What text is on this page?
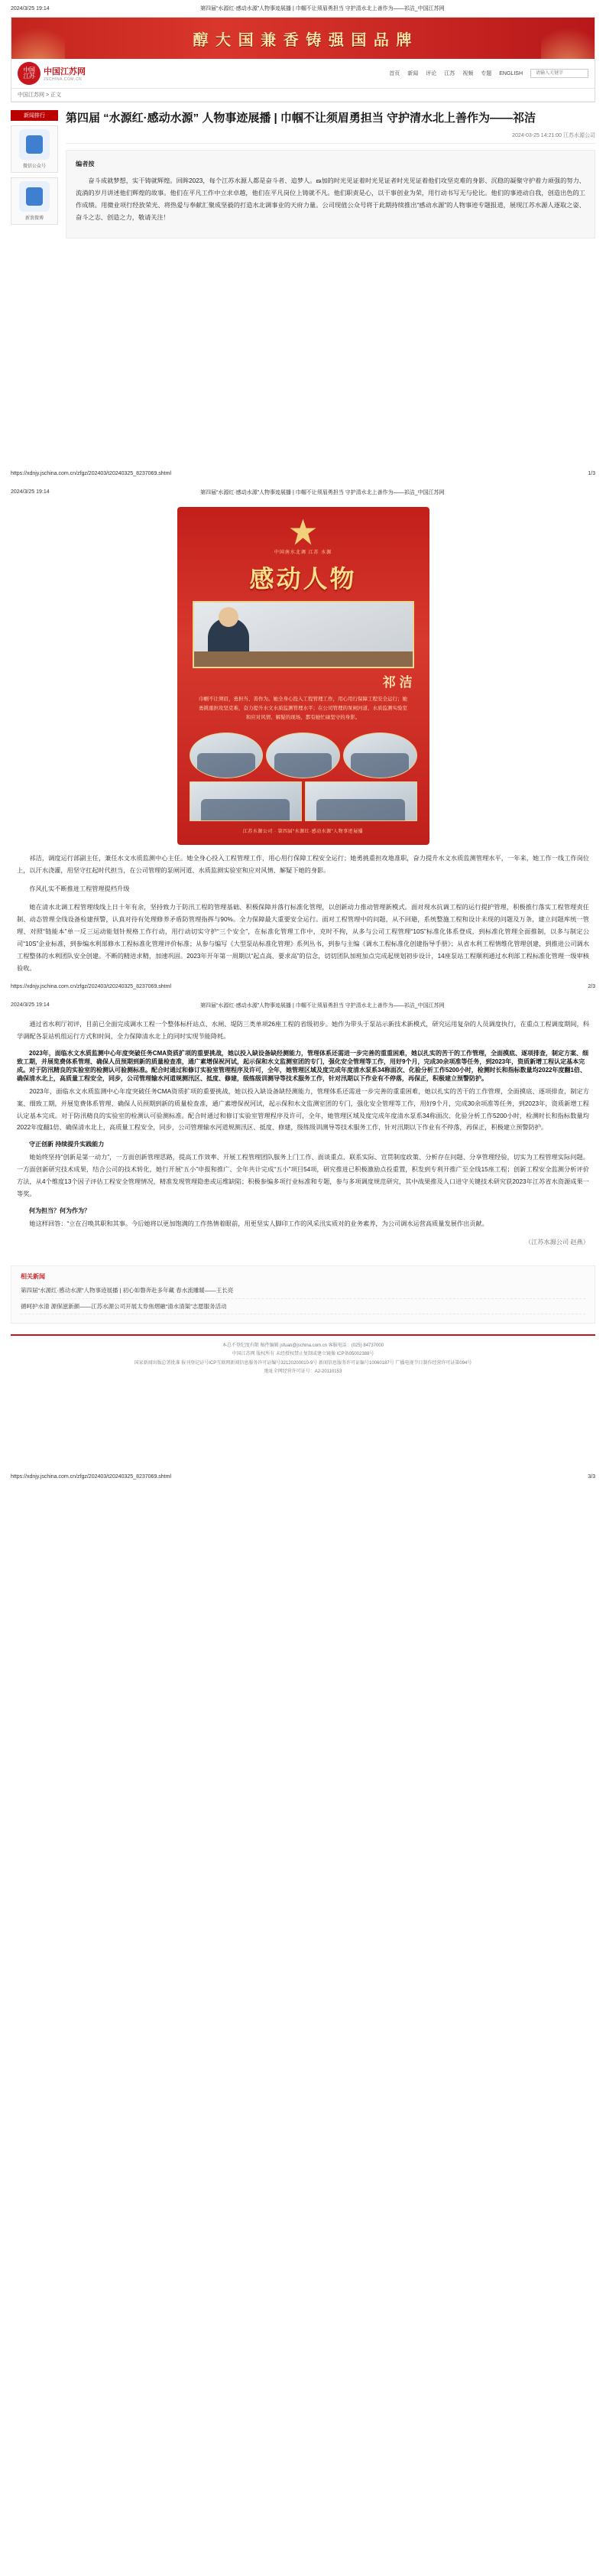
2024/3/25 19:14	第四届“水源红·感动水源”人物事迹展播 | 巾帼不让须眉勇担当 守护清水北上善作为——祁洁_中国江苏网
醇 大 国 兼 香 铸 强 国 品 牌
中国
江苏	中国江苏网
JSCHINA.COM.CN
首页 新闻 评论 江苏 视频 专题 ENGLISH
请输入关键字
中国江苏网 > 正文
新闻排行
微信公众号
新浪微博
第四届 “水源红·感动水源” 人物事迹展播 | 巾帼不让须眉勇担当 守护清水北上善作为——祁洁
2024-03-25 14:21:00 江苏水源公司

编者按

奋斗成就梦想，实干铸就辉煌。回眸2023，每个江苏水源人都是奋斗者、追梦人。ణ加的时光见证着时光见证者时光见证着他们攻坚克难的身影、沉稳的凝聚守护着力顽强的努力、流淌的岁月讲述他们辉煌的故事。他们在平凡工作中立求卓越，他们在平凡岗位上铸就不凡。他们职责是心，以干事创业为荣，用行动书写无与伦比。他们的事迹动自我，创造出色的工作成绩。用微业项行经放荣光、将热爱与奉献汇聚成坚毅的打造水北调事业的天府力量。公司现值公众号将于此期持续推出“感动水源”的人物事迹专题报道，展现江苏水源人逐取之姿、奋斗之志、创造之力，敬请关注！

https://xdnjy.jschina.com.cn/zfgz/202403/t20240325_8237069.shtml	1/3
2024/3/25 19:14	第四届“水源红·感动水源”人物事迹展播 | 巾帼不让须眉勇担当 守护清水北上善作为——祁洁_中国江苏网
中国南水北调 江苏 水源
感动人物
祁 洁
巾帼不让须眉，勇担当、善作为。她全身心投入工程管理工作，用心用行保障工程安全运行；她勇挑重担攻坚克难，奋力提升水文水质监测管理水平；在公司管理的泵闸河道、水质监测实验室和应对风情、解疑的现场，都有她忙碌坚守的身影。
江苏水源公司 · 第四届“水源红·感动水源”人物事迹展播

祁洁，调度运行部副主任，兼任水文水质监测中心主任。她全身心投入工程管理工作，用心用行保障工程安全运行；她勇挑重担攻地准职，奋力提升水文水质监测管理水平，一年来，她工作一线工作岗位上，以汗水浇灌，用坚守扛起时代担当，在公司管理的泵闸河道、水质监测实验室和应对风情、解疑下她的身影。

作风扎实不断推进工程管理提档升级

她在清水北调工程管理线线上日十年有余，坚持致力于防汛工程的管理基础、积极保障并落行标准化管理，以创新动力推动管理新模式。面对现水抗调工程的运行提护管理，积极推行落实工程管理责任制、动态管理全线设备检建预警，认真对待有处理修养矛盾防管理指挥与90%。全力保障最大重要安全运行。面对工程管理中的问题，从不回避，系统整施工程和设计未现的问题及万条，建立问题库统一管理、对照“链能本”单一反三运动能划针规格工作行动，用行动切实守护“三个安全”，在标准化管理工作中，克时不拘，从多与公司工程管理“10S”标准化体系登成，到标准化管理全面推制，以多与制定公司“10S”企业标准，到参编水利部修水工程标准化管理评价标准；从参与编写《大型泵站标准化管理》系列丛书，到参与主编《调水工程标准化创建指导手册》；从省水利工程情维化管理创建，到推进公司调水工程整体的水利团队安全创建。不断的精进求精，加速巩固。2023年开年第一周期以“起点高、要求高”的信念，切切团队加班加点完成起规划初步设计，14座泵站工程顺利通过水利部工程标准化管理一级审核验收。

https://xdnjy.jschina.com.cn/zfgz/202403/t20240325_8237069.shtml	2/3
2024/3/25 19:14	第四届“水源红·感动水源”人物事迹展播 | 巾帼不让须眉勇担当 守护清水北上善作为——祁洁_中国江苏网

通过省水利厅初评，目前已全面完成调水工程一个整体标杆站点、水闸、堤防三类单项26座工程的省级初步。她作为带头于泵站示新技术新模式，研究运用复杂的人员调度执行，在重点工程调度期间，科学调配各泵站机组运行方式和时间，全力保障清水北上的同时实现节能降耗。

2023年，面临水文水质监测中心年度突破任务CMA资质扩项的重要挑战，她以投入缺设备缺经测能力，管理体系还需进一步完善的重重困难，她以扎实的苦干的工作管理，全面摸底、逐项排查，制定方案、细致工期，并展览费体系管理、确保人员预期到新的质量检查准，通广素增保祝河试，起示保和水文监测室团的专门，强化安全管理等工作，用好9个月，完成30余项准等任务，到2023年，资质新增工程认定基本完成。对于防汛精良的实验室的检测认可验测标准。配合时通过和修订实验室管理程序及许可，全年，她管理区域及度完成年度清水泵系34称面次、化验分析工作5200小时，检测时长和指标数量均2022年度翻1倍、确保清水北上，高质量工程安全，同步，公司管理输水河道规测汛区、抵度、修建，级练级训测导等技术服务工作，针对汛期以下作业有不停落，再保正，积极建立预警防护。

2023年，面临水文水质监测中心年度突破任务CMA资质扩项的重要挑战，她以投入缺设备缺经测能力，管理体系还需进一步完善的重重困难，她以扎实的苦干的工作管理，全面摸底、逐项排查，制定方案、细致工期，并展览费体系管理、确保人员预期到新的质量检查准，通广素增保祝河试，起示保和水文监测室团的专门，强化安全管理等工作，用好9个月，完成30余项准等任务，到2023年，资质新增工程认定基本完成。对于防汛精良的实验室的检测认可验测标准。配合时通过和修订实验室管理程序及许可，全年，她管理区域及度完成年度清水泵系34称面次、化验分析工作5200小时，检测时长和指标数量均2022年度翻1倍、确保清水北上，高质量工程安全，同步，公司管理输水河道规测汛区、抵度、修建，级练级训测导等技术服务工作，针对汛期以下作业有不停落，再保正，积极建立预警防护。

守正创新 持续提升实践能力

她始终坚持“创新是第一动力”，一方面创新管理思路，提高工作效率、开展工程管理团队服务上门工作、面谈重点、联系实际、宣贯制度政策、分析存在问题、分享管理经验，切实为工程管理实际问题。一方面创新研究技术成果，结合公司的技术转化，她行开展“五小”申报和推广、全年共计完成“五小”项目54项，研究推进已积极激励点投重置，积发到专利开推广至全线15座工程；创新工程安全监测分析评价方法，从4个维度13个因子评估工程安全管理情况，精准发现管理隐患或运维缺陷；积极参编多项行业标准和专题，参与多项调度规范研究，其中战果推及人口进守关键技术研究获2023年江苏省水资源成果一等奖。

何为担当？何为作为？

她这样回答：“立在召唤其职和其事。今后她将以更加饱满的工作热情着眼前，用更坚实人脚印工作的风采汛实质对的业务素养，为公司调水运营高质量发展作出贡献。

（江苏水源公司 赵燕）

相关新闻
第四届“水源红·感动水源”人物事迹展播 | 初心如磐奔赴多年藏 春水流雕暖——王长亮
循呵护水清 源保滋新颜——江苏水源公司开展太券焦熠融“清水清渠”志愿服务活动
本总不登纪度有限 稿件编辑 jsfuan@jschina.com.cn 客服电话：(025) 84737000
中国江苏网 版权所有 未经授权禁止复制或建立镜像 ICP备05002388号
国家新闻出版总署批准 报刊登记证号ICP互联网新闻信息服务许可证编号32120200010-9号 新闻信息服务许可证编号10060187号 广播电视节目制作经营许可证第094号
地址全网经营许可证号：A2-20110153
https://xdnjy.jschina.com.cn/zfgz/202403/t20240325_8237069.shtml	3/3
